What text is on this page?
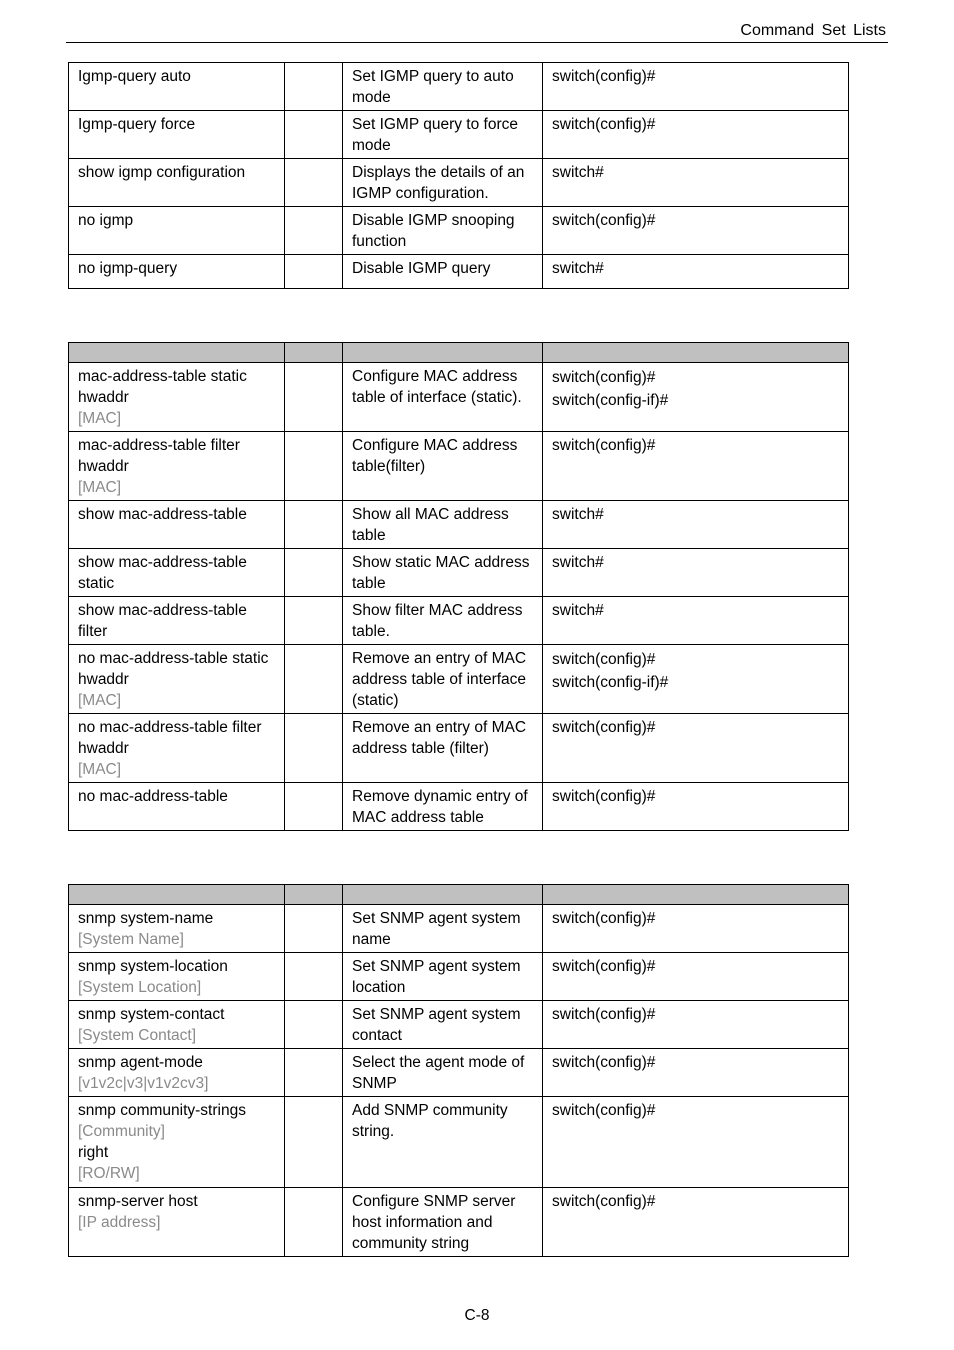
Command Set Lists
Igmp-query auto		Set IGMP query to auto mode	switch(config)#

Igmp-query force		Set IGMP query to force mode	switch(config)#

show igmp configuration		Displays the details of an IGMP configuration.	switch#

no igmp		Disable IGMP snooping function	switch(config)#

no igmp-query		Disable IGMP query	switch#

mac-address-table static hwaddr
[MAC]		Configure MAC address table of interface (static).	switch(config)#
switch(config-if)#

mac-address-table filter hwaddr
[MAC]		Configure MAC address table(filter)	switch(config)#

show mac-address-table		Show all MAC address table	switch#

show mac-address-table static		Show static MAC address table	switch#

show mac-address-table filter		Show filter MAC address table.	switch#

no mac-address-table static hwaddr
[MAC]		Remove an entry of MAC address table of interface (static)	switch(config)#
switch(config-if)#

no mac-address-table filter hwaddr
[MAC]		Remove an entry of MAC address table (filter)	switch(config)#

no mac-address-table		Remove dynamic entry of MAC address table	switch(config)#

snmp system-name
[System Name]		Set SNMP agent system name	switch(config)#

snmp system-location
[System Location]		Set SNMP agent system location	switch(config)#

snmp system-contact
[System Contact]		Set SNMP agent system contact	switch(config)#

snmp agent-mode
[v1v2c|v3|v1v2cv3]		Select the agent mode of SNMP	switch(config)#

snmp community-strings
[Community]
right
[RO/RW]		Add SNMP community string.	switch(config)#

snmp-server host
[IP address]		Configure SNMP server host information and community string	switch(config)#
C-8
